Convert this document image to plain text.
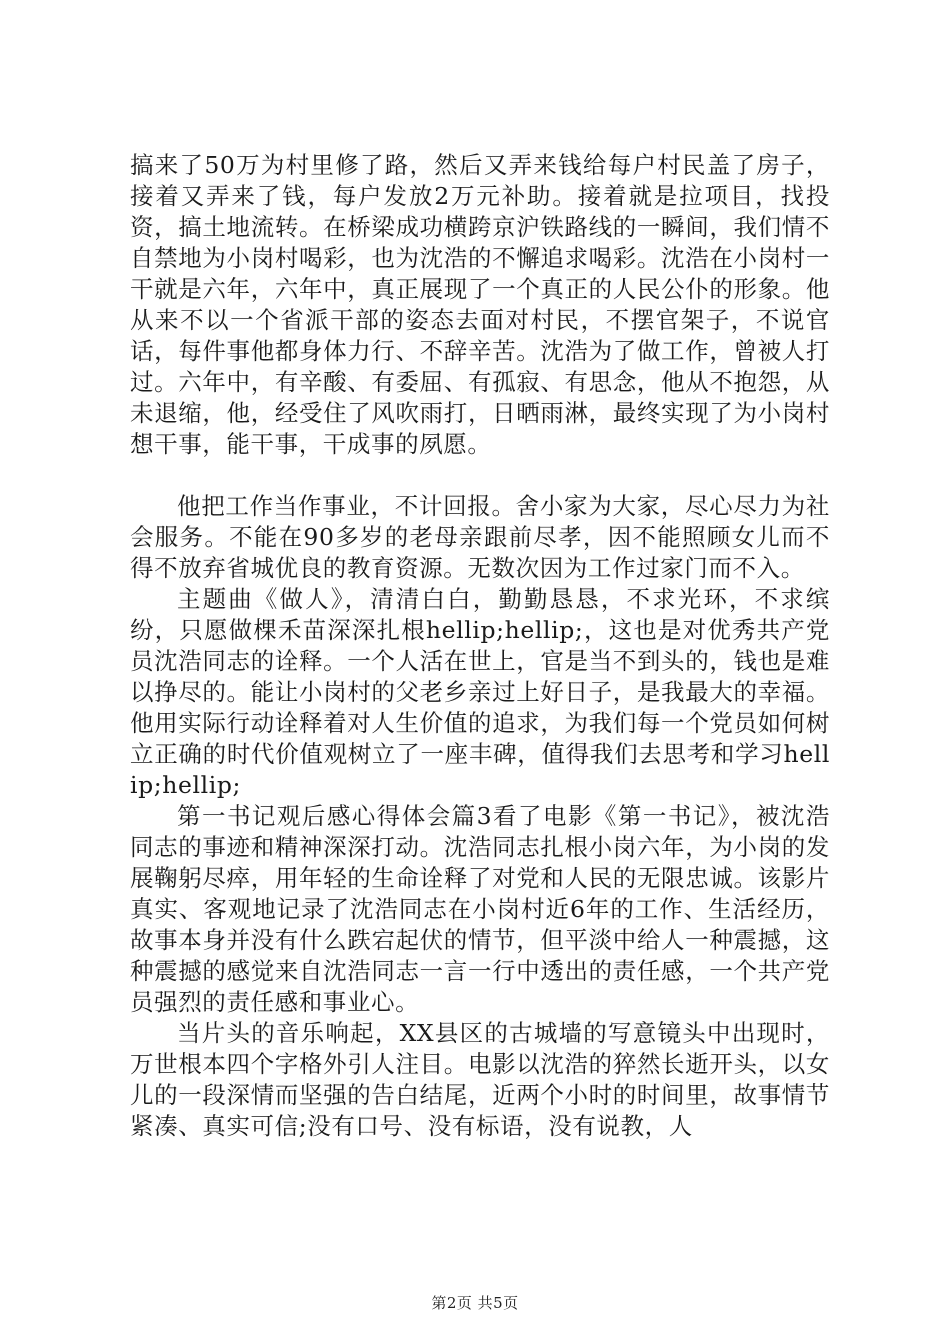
搞来了50万为村里修了路，然后又弄来钱给每户村民盖了房子，接着又弄来了钱，每户发放2万元补助。接着就是拉项目，找投资，搞土地流转。在桥梁成功横跨京沪铁路线的一瞬间，我们情不自禁地为小岗村喝彩，也为沈浩的不懈追求喝彩。沈浩在小岗村一干就是六年，六年中，真正展现了一个真正的人民公仆的形象。他从来不以一个省派干部的姿态去面对村民，不摆官架子，不说官话，每件事他都身体力行、不辞辛苦。沈浩为了做工作，曾被人打过。六年中，有辛酸、有委屈、有孤寂、有思念，他从不抱怨，从未退缩，他，经受住了风吹雨打，日晒雨淋，最终实现了为小岗村想干事，能干事，干成事的夙愿。

他把工作当作事业，不计回报。舍小家为大家，尽心尽力为社会服务。不能在90多岁的老母亲跟前尽孝，因不能照顾女儿而不得不放弃省城优良的教育资源。无数次因为工作过家门而不入。

主题曲《做人》，清清白白，勤勤恳恳，不求光环，不求缤纷，只愿做棵禾苗深深扎根hellip;hellip;，这也是对优秀共产党员沈浩同志的诠释。一个人活在世上，官是当不到头的，钱也是难以挣尽的。能让小岗村的父老乡亲过上好日子，是我最大的幸福。他用实际行动诠释着对人生价值的追求，为我们每一个党员如何树立正确的时代价值观树立了一座丰碑，值得我们去思考和学习hellip;hellip;

第一书记观后感心得体会篇3看了电影《第一书记》，被沈浩同志的事迹和精神深深打动。沈浩同志扎根小岗六年，为小岗的发展鞠躬尽瘁，用年轻的生命诠释了对党和人民的无限忠诚。该影片真实、客观地记录了沈浩同志在小岗村近6年的工作、生活经历，故事本身并没有什么跌宕起伏的情节，但平淡中给人一种震撼，这种震撼的感觉来自沈浩同志一言一行中透出的责任感，一个共产党员强烈的责任感和事业心。

当片头的音乐响起，XX县区的古城墙的写意镜头中出现时，万世根本四个字格外引人注目。电影以沈浩的猝然长逝开头，以女儿的一段深情而坚强的告白结尾，近两个小时的时间里，故事情节紧凑、真实可信;没有口号、没有标语，没有说教，人

第2页 共5页
